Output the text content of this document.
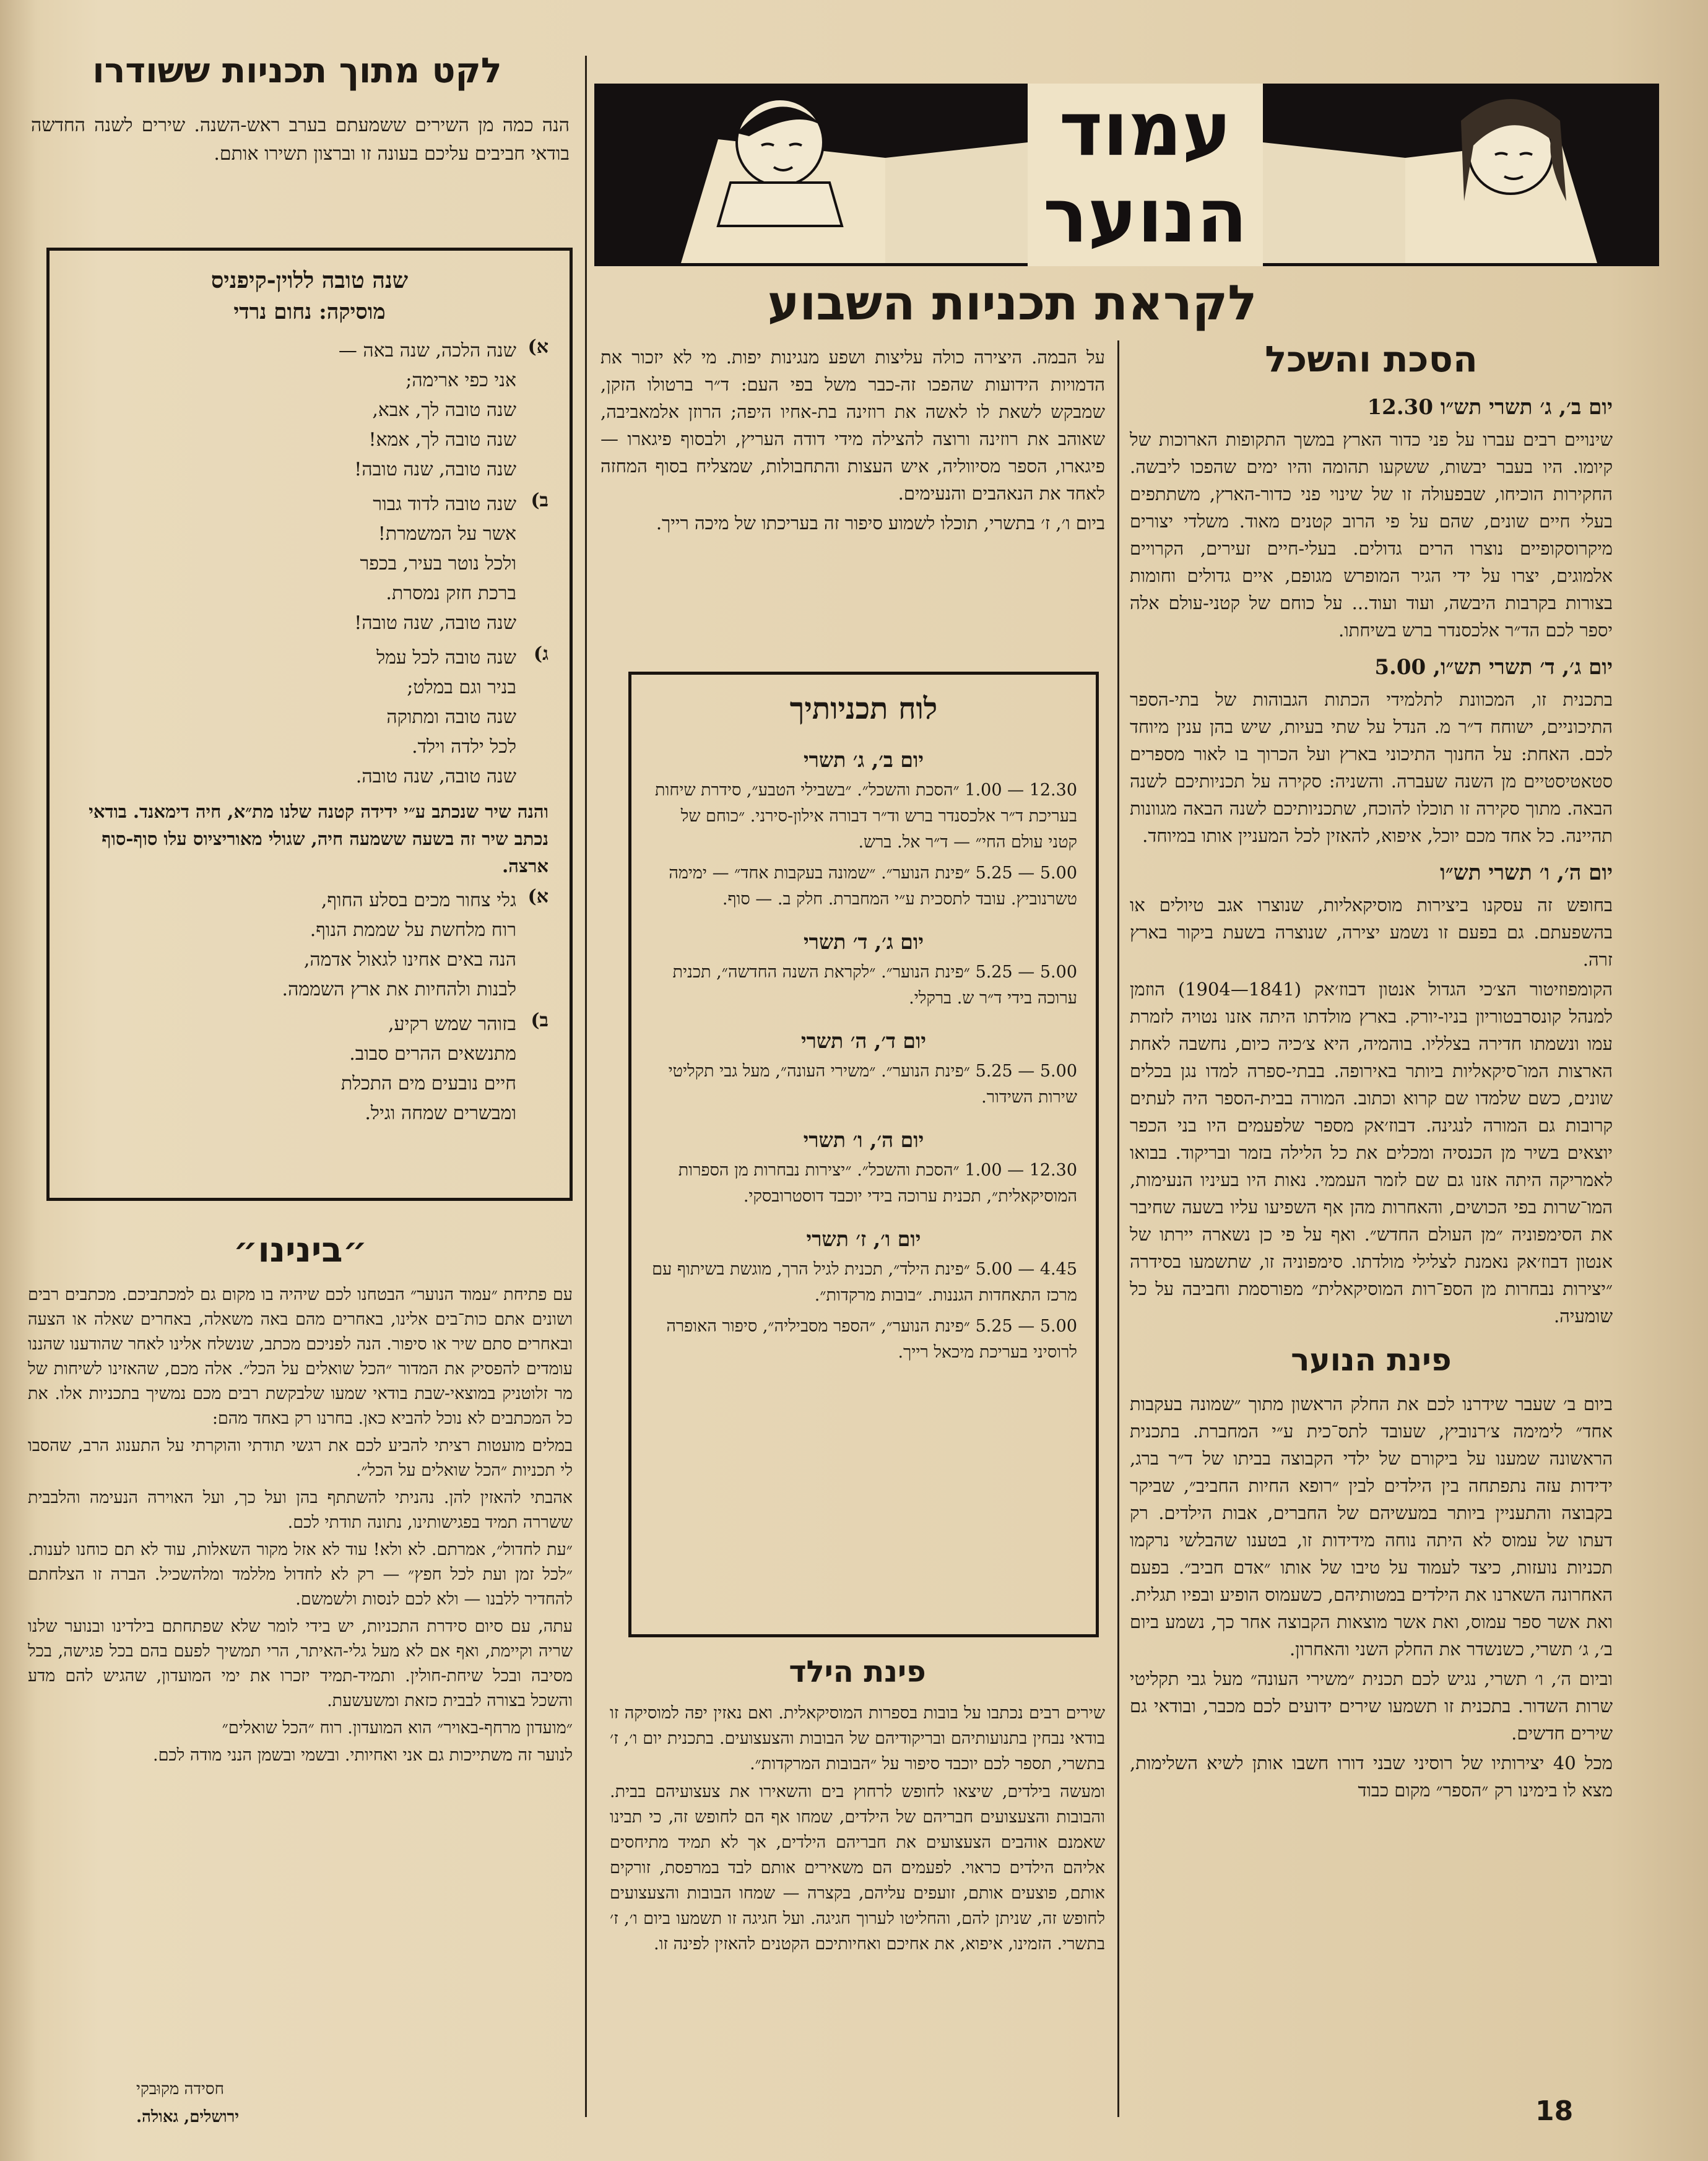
עמוד
הנוער
לקראת תכניות השבוע
הסכת והשכל
יום ב׳, ג׳ תשרי תש״ו 12.30

שינויים רבים עברו על פני כדור הארץ במשך התקופות הארוכות של קיומו. היו בעבר יבשות, ששקעו תהומה והיו ימים שהפכו ליבשה. החקירות הוכיחו, שבפעולה זו של שינוי פני כדור-הארץ, משתתפים בעלי חיים שונים, שהם על פי הרוב קטנים מאוד. משלדי יצורים מיקרוסקופיים נוצרו הרים גדולים. בעלי-חיים זעירים, הקרויים אלמוגים, יצרו על ידי הגיר המופרש מגופם, איים גדולים וחומות בצורות בקרבות היבשה, ועוד ועוד... על כוחם של קטני-עולם אלה יספר לכם הד״ר אלכסנדר ברש בשיחתו.

יום ג׳, ד׳ תשרי תש״ו, 5.00

בתכנית זו, המכוונת לתלמידי הכתות הגבוהות של בתי-הספר התיכוניים, ישוחח ד״ר מ. הנדל על שתי בעיות, שיש בהן ענין מיוחד לכם. האחת: על החנוך התיכוני בארץ ועל הכרוך בו לאור מספרים סטאטיסטיים מן השנה שעברה. והשניה: סקירה על תכניותיכם לשנה הבאה. מתוך סקירה זו תוכלו להוכח, שתכניותיכם לשנה הבאה מגוונות תהיינה. כל אחד מכם יוכל, איפוא, להאזין לכל המעניין אותו במיוחד.

יום ה׳, ו׳ תשרי תש״ו

בחופש זה עסקנו ביצירות מוסיקאליות, שנוצרו אגב טיולים או בהשפעתם. גם בפעם זו נשמע יצירה, שנוצרה בשעת ביקור בארץ זרה.

הקומפוזיטור הצ׳כי הגדול אנטון דבוז׳אק (1841—1904) הוזמן למנהל קונסרבטוריון בניו-יורק. בארץ מולדתו היתה אזנו נטויה לזמרת עמו ונשמתו חדירה בצלליו. בוהמיה, היא צ׳כיה כיום, נחשבה לאחת הארצות המו־סיקאליות ביותר באירופה. בבתי-ספרה למדו נגן בכלים שונים, כשם שלמדו שם קרוא וכתוב. המורה בבית-הספר היה לעתים קרובות גם המורה לנגינה. דבוז׳אק מספר שלפעמים היו בני הכפר יוצאים בשיר מן הכנסיה ומכלים את כל הלילה בזמר ובריקוד. בבואו לאמריקה היתה אזנו גם שם לזמר העממי. נאות היו בעיניו הנעימות, המו־שרות בפי הכושים, והאחרות מהן אף השפיעו עליו בשעה שחיבר את הסימפוניה ״מן העולם החדש״. ואף על פי כן נשארה יירתו של אנטון דבוז׳אק נאמנת לצלילי מולדתו. סימפוניה זו, שתשמעו בסידרה ״יצירות נבחרות מן הספ־רות המוסיקאלית״ מפורסמת וחביבה על כל שומעיה.

פינת הנוער

ביום ב׳ שעבר שידרנו לכם את החלק הראשון מתוך ״שמונה בעקבות אחד״ לימימה צ׳רנוביץ, שעובד לתס־כית ע״י המחברת. בתכנית הראשונה שמענו על ביקורם של ילדי הקבוצה בביתו של ד״ר ברג, ידידות עזה נתפתחה בין הילדים לבין ״רופא החיות החביב״, שביקר בקבוצה והתעניין ביותר במעשיהם של החברים, אבות הילדים. רק דעתו של עמוס לא היתה נוחה מידידות זו, בטענו שהבלשי נרקמו תכניות נועזות, כיצד לעמוד על טיבו של אותו ״אדם חביב״. בפעם האחרונה השארנו את הילדים במטותיהם, כשעמוס הופיע ובפיו תגלית. ואת אשר ספר עמוס, ואת אשר מוצאות הקבוצה אחר כך, נשמע ביום ב׳, ג׳ תשרי, כשנשדר את החלק השני והאחרון.

וביום ה׳, ו׳ תשרי, נגיש לכם תכנית ״משירי העונה״ מעל גבי תקליטי שרות השדור. בתכנית זו תשמעו שירים ידועים לכם מכבר, ובודאי גם שירים חדשים.

מכל 40 יצירותיו של רוסיני שבני דורו חשבו אותן לשיא השלימות, מצא לו בימינו רק ״הספר״ מקום כבוד

על הבמה. היצירה כולה עליצות ושפע מנגינות יפות. מי לא יזכור את הדמויות הידועות שהפכו זה-כבר משל בפי העם: ד״ר ברטולו הזקן, שמבקש לשאת לו לאשה את רוזינה בת-אחיו היפה; הרוזן אלמאביבה, שאוהב את רוזינה ורוצה להצילה מידי דודה העריץ, ולבסוף פיגארו — פיגארו, הספר מסיווליה, איש העצות והתחבולות, שמצליח בסוף המחזה לאחד את הנאהבים והנעימים.

ביום ו׳, ז׳ בתשרי, תוכלו לשמוע סיפור זה בעריכתו של מיכה רייך.

לוח תכניותיך
יום ב׳, ג׳ תשרי
12.30 — 1.00 ״הסכת והשכל״. ״בשבילי הטבע״, סידרת שיחות בעריכת ד״ר אלכסנדר ברש וד״ר דבורה אילון-סירני. ״כוחם של קטני עולם החי״ — ד״ר אל. ברש.
5.00 — 5.25 ״פינת הנוער״. ״שמונה בעקבות אחד״ — ימימה טשרנוביץ. עובד לתסכית ע״י המחברת. חלק ב. — סוף.
יום ג׳, ד׳ תשרי
5.00 — 5.25 ״פינת הנוער״. ״לקראת השנה החדשה״, תכנית ערוכה בידי ד״ר ש. ברקלי.
יום ד׳, ה׳ תשרי
5.00 — 5.25 ״פינת הנוער״. ״משירי העונה״, מעל גבי תקליטי שירות השידור.
יום ה׳, ו׳ תשרי
12.30 — 1.00 ״הסכת והשכל״. ״יצירות נבחרות מן הספרות המוסיקאלית״, תכנית ערוכה בידי יוכבד דוסטרובסקי.
יום ו׳, ז׳ תשרי
4.45 — 5.00 ״פינת הילד״, תכנית לגיל הרך, מוגשת בשיתוף עם מרכז התאחדות הגננות. ״בובות מרקדות״.
5.00 — 5.25 ״פינת הנוער״, ״הספר מסביליה״, סיפור האופרה לרוסיני בעריכת מיכאל רייך.
פינת הילד

שירים רבים נכתבו על בובות בספרות המוסיקאלית. ואם נאזין יפה למוסיקה זו בודאי נבחין בתנועותיהם ובריקודיהם של הבובות והצעצועים. בתכנית יום ו׳, ז׳ בתשרי, תספר לכם יוכבד סיפור על ״הבובות המרקדות״.

ומעשה בילדים, שיצאו לחופש לרחוץ בים והשאירו את צעצועיהם בבית. והבובות והצעצועים חבריהם של הילדים, שמחו אף הם לחופש זה, כי תבינו שאמנם אוהבים הצעצועים את חבריהם הילדים, אך לא תמיד מתיחסים אליהם הילדים כראוי. לפעמים הם משאירים אותם לבד במרפסת, זורקים אותם, פוצעים אותם, זועפים עליהם, בקצרה — שמחו הבובות והצעצועים לחופש זה, שניתן להם, והחליטו לערוך חגיגה. ועל חגיגה זו תשמעו ביום ו׳, ז׳ בתשרי. הזמינו, איפוא, את אחיכם ואחיותיכם הקטנים להאזין לפינה זו.

לקט מתוך תכניות ששודרו

הנה כמה מן השירים ששמעתם בערב ראש-השנה. שירים לשנה החדשה בודאי חביבים עליכם בעונה זו וברצון תשירו אותם.

שנה טובה ללוין-קיפניס
מוסיקה: נחום נרדי
א)
שנה הלכה, שנה באה —
אני כפי ארימה;
שנה טובה לך, אבא,
שנה טובה לך, אמא!
שנה טובה, שנה טובה!
ב)
שנה טובה לדוד גבור
אשר על המשמרת!
ולכל נוטר בעיר, בכפר
ברכת חזק נמסרת.
שנה טובה, שנה טובה!
ג)
שנה טובה לכל עמל
בניר וגם במלט;
שנה טובה ומתוקה
לכל ילדה וילד.
שנה טובה, שנה טובה.

והנה שיר שנכתב ע״י ידידה קטנה שלנו מת״א, חיה דימאנד. בודאי נכתב שיר זה בשעה ששמעה חיה, שגולי מאוריציוס עלו סוף-סוף ארצה.

א)
גלי צחור מכים בסלע החוף,
רוח מלחשת על שממת הנוף.
הנה באים אחינו לגאול אדמה,
לבנות ולהחיות את ארץ השממה.
ב)
בזוהר שמש רקיע,
מתנשאים ההרים סבוב.
חיים נובעים מים התכלת
ומבשרים שמחה וגיל.
״בינינו״

עם פתיחת ״עמוד הנוער״ הבטחנו לכם שיהיה בו מקום גם למכתביכם. מכתבים רבים ושונים אתם כות־בים אלינו, באחרים מהם באה משאלה, באחרים שאלה או הצעה ובאחרים סתם שיר או סיפור. הנה לפניכם מכתב, שנשלח אלינו לאחר שהודענו שהננו עומדים להפסיק את המדור ״הכל שואלים על הכל״. אלה מכם, שהאזינו לשיחות של מר זלוטניק במוצאי-שבת בודאי שמעו שלבקשת רבים מכם נמשיך בתכניות אלו. את כל המכתבים לא נוכל להביא כאן. בחרנו רק באחד מהם:

במלים מועטות רציתי להביע לכם את רגשי תודתי והוקרתי על התענוג הרב, שהסבו לי תכניות ״הכל שואלים על הכל״.

אהבתי להאזין להן. נהניתי להשתתף בהן ועל כך, ועל האוירה הנעימה והלבבית ששררה תמיד בפגישותינו, נתונה תודתי לכם.

״עת לחדול״, אמרתם. לא ולא! עוד לא אזל מקור השאלות, עוד לא תם כוחנו לענות. ״לכל זמן ועת לכל חפץ״ — רק לא לחדול מללמד ומלהשכיל. הברה זו הצלחתם להחדיר ללבנו — ולא לכם לנסות ולשמשם.

עתה, עם סיום סידרת התכניות, יש בידי לומר שלא שפתחתם בילדינו ובנוער שלנו שריה וקיימת, ואף אם לא מעל גלי-האיתר, הרי תמשיך לפעם בהם בכל פגישה, בכל מסיבה ובכל שיחת-חולין. ותמיד-תמיד יזכרו את ימי המועדון, שהגיש להם מדע והשכל בצורה לבבית כזאת ומשעשעת.

״מועדון מרחף-באויר״ הוא המועדון. רוח ״הכל שואלים״

לנוער זה משתייכות גם אני ואחיותי. ובשמי ובשמן הנני מודה לכם.

חסידה מקוּבקי
ירושלים, גאולה.	18
